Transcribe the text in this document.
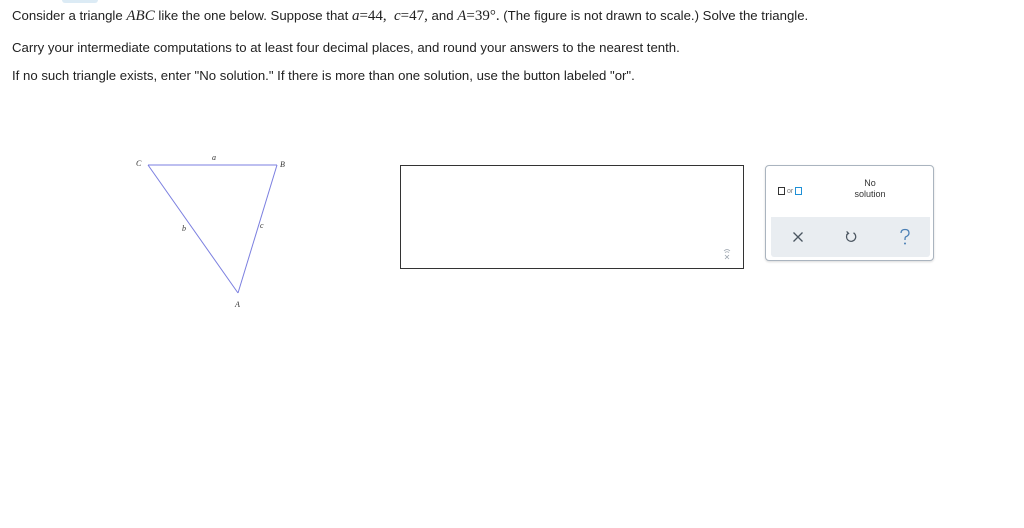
Consider a triangle ABC like the one below. Suppose that a=44, c=47, and A=39°. (The figure is not drawn to scale.) Solve the triangle.
Carry your intermediate computations to at least four decimal places, and round your answers to the nearest tenth.
If no such triangle exists, enter "No solution." If there is more than one solution, use the button labeled "or".
C	B
A
a
b	c
or
No
solution
